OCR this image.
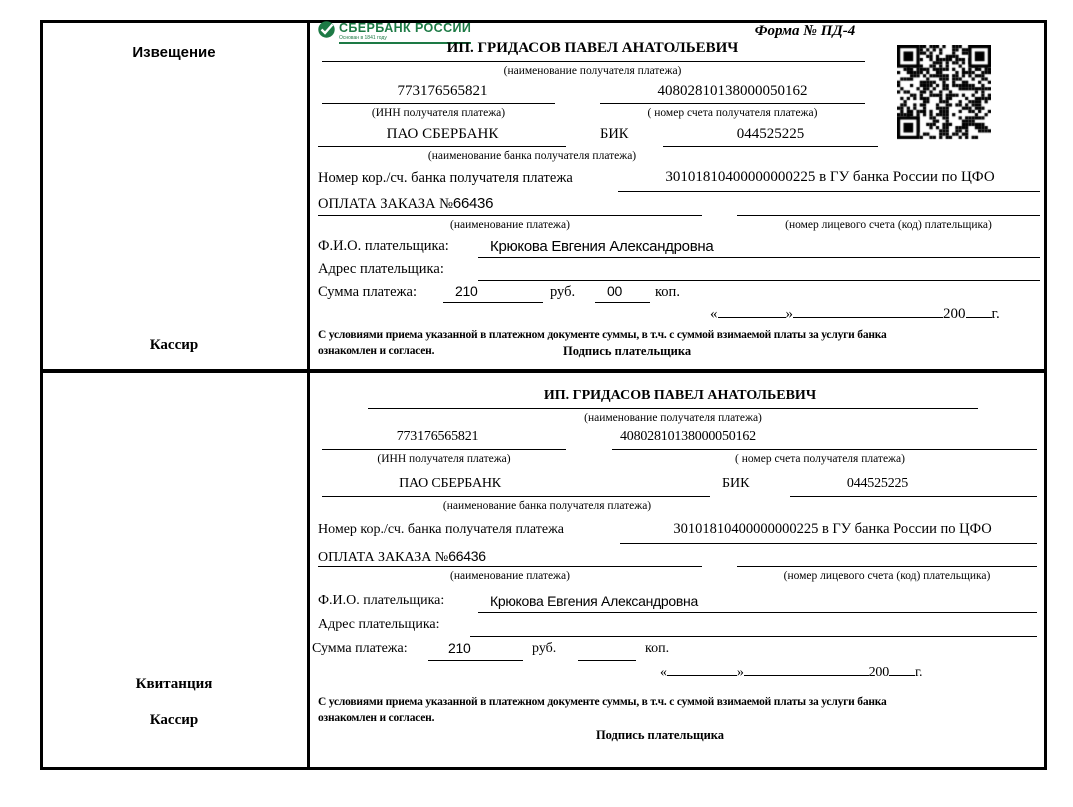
Извещение
Кассир
СБЕРБАНК РОССИИ
Основан в 1841 году	Форма № ПД-4
ИП. ГРИДАСОВ ПАВЕЛ АНАТОЛЬЕВИЧ
(наименование получателя платежа)
773176565821	40802810138000050162
(ИНН получателя платежа)	( номер счета получателя платежа)
ПАО СБЕРБАНК	БИК	044525225
(наименование банка получателя платежа)
Номер кор./сч. банка получателя платежа	30101810400000000225 в ГУ банка России по ЦФО
ОПЛАТА ЗАКАЗА №66436
(наименование платежа)	(номер лицевого счета (код) плательщика)
Ф.И.О. плательщика:	Крюкова Евгения Александровна
Адрес плательщика:
Сумма платежа:	210	руб. 00 коп.
«	»	200 г.
С условиями приема указанной в платежном документе суммы, в т.ч. с суммой взимаемой платы за услуги банка
ознакомлен и согласен.	Подпись плательщика
Квитанция
Кассир
ИП. ГРИДАСОВ ПАВЕЛ АНАТОЛЬЕВИЧ
(наименование получателя платежа)
773176565821	40802810138000050162
(ИНН получателя платежа)	( номер счета получателя платежа)
ПАО СБЕРБАНК	БИК	044525225
(наименование банка получателя платежа)
Номер кор./сч. банка получателя платежа	30101810400000000225 в ГУ банка России по ЦФО
ОПЛАТА ЗАКАЗА №66436
(наименование платежа)	(номер лицевого счета (код) плательщика)
Ф.И.О. плательщика:	Крюкова Евгения Александровна
Адрес плательщика:
Сумма платежа:	210	руб.	коп.
«	»	200 г.
С условиями приема указанной в платежном документе суммы, в т.ч. с суммой взимаемой платы за услуги банка
ознакомлен и согласен.
Подпись плательщика
